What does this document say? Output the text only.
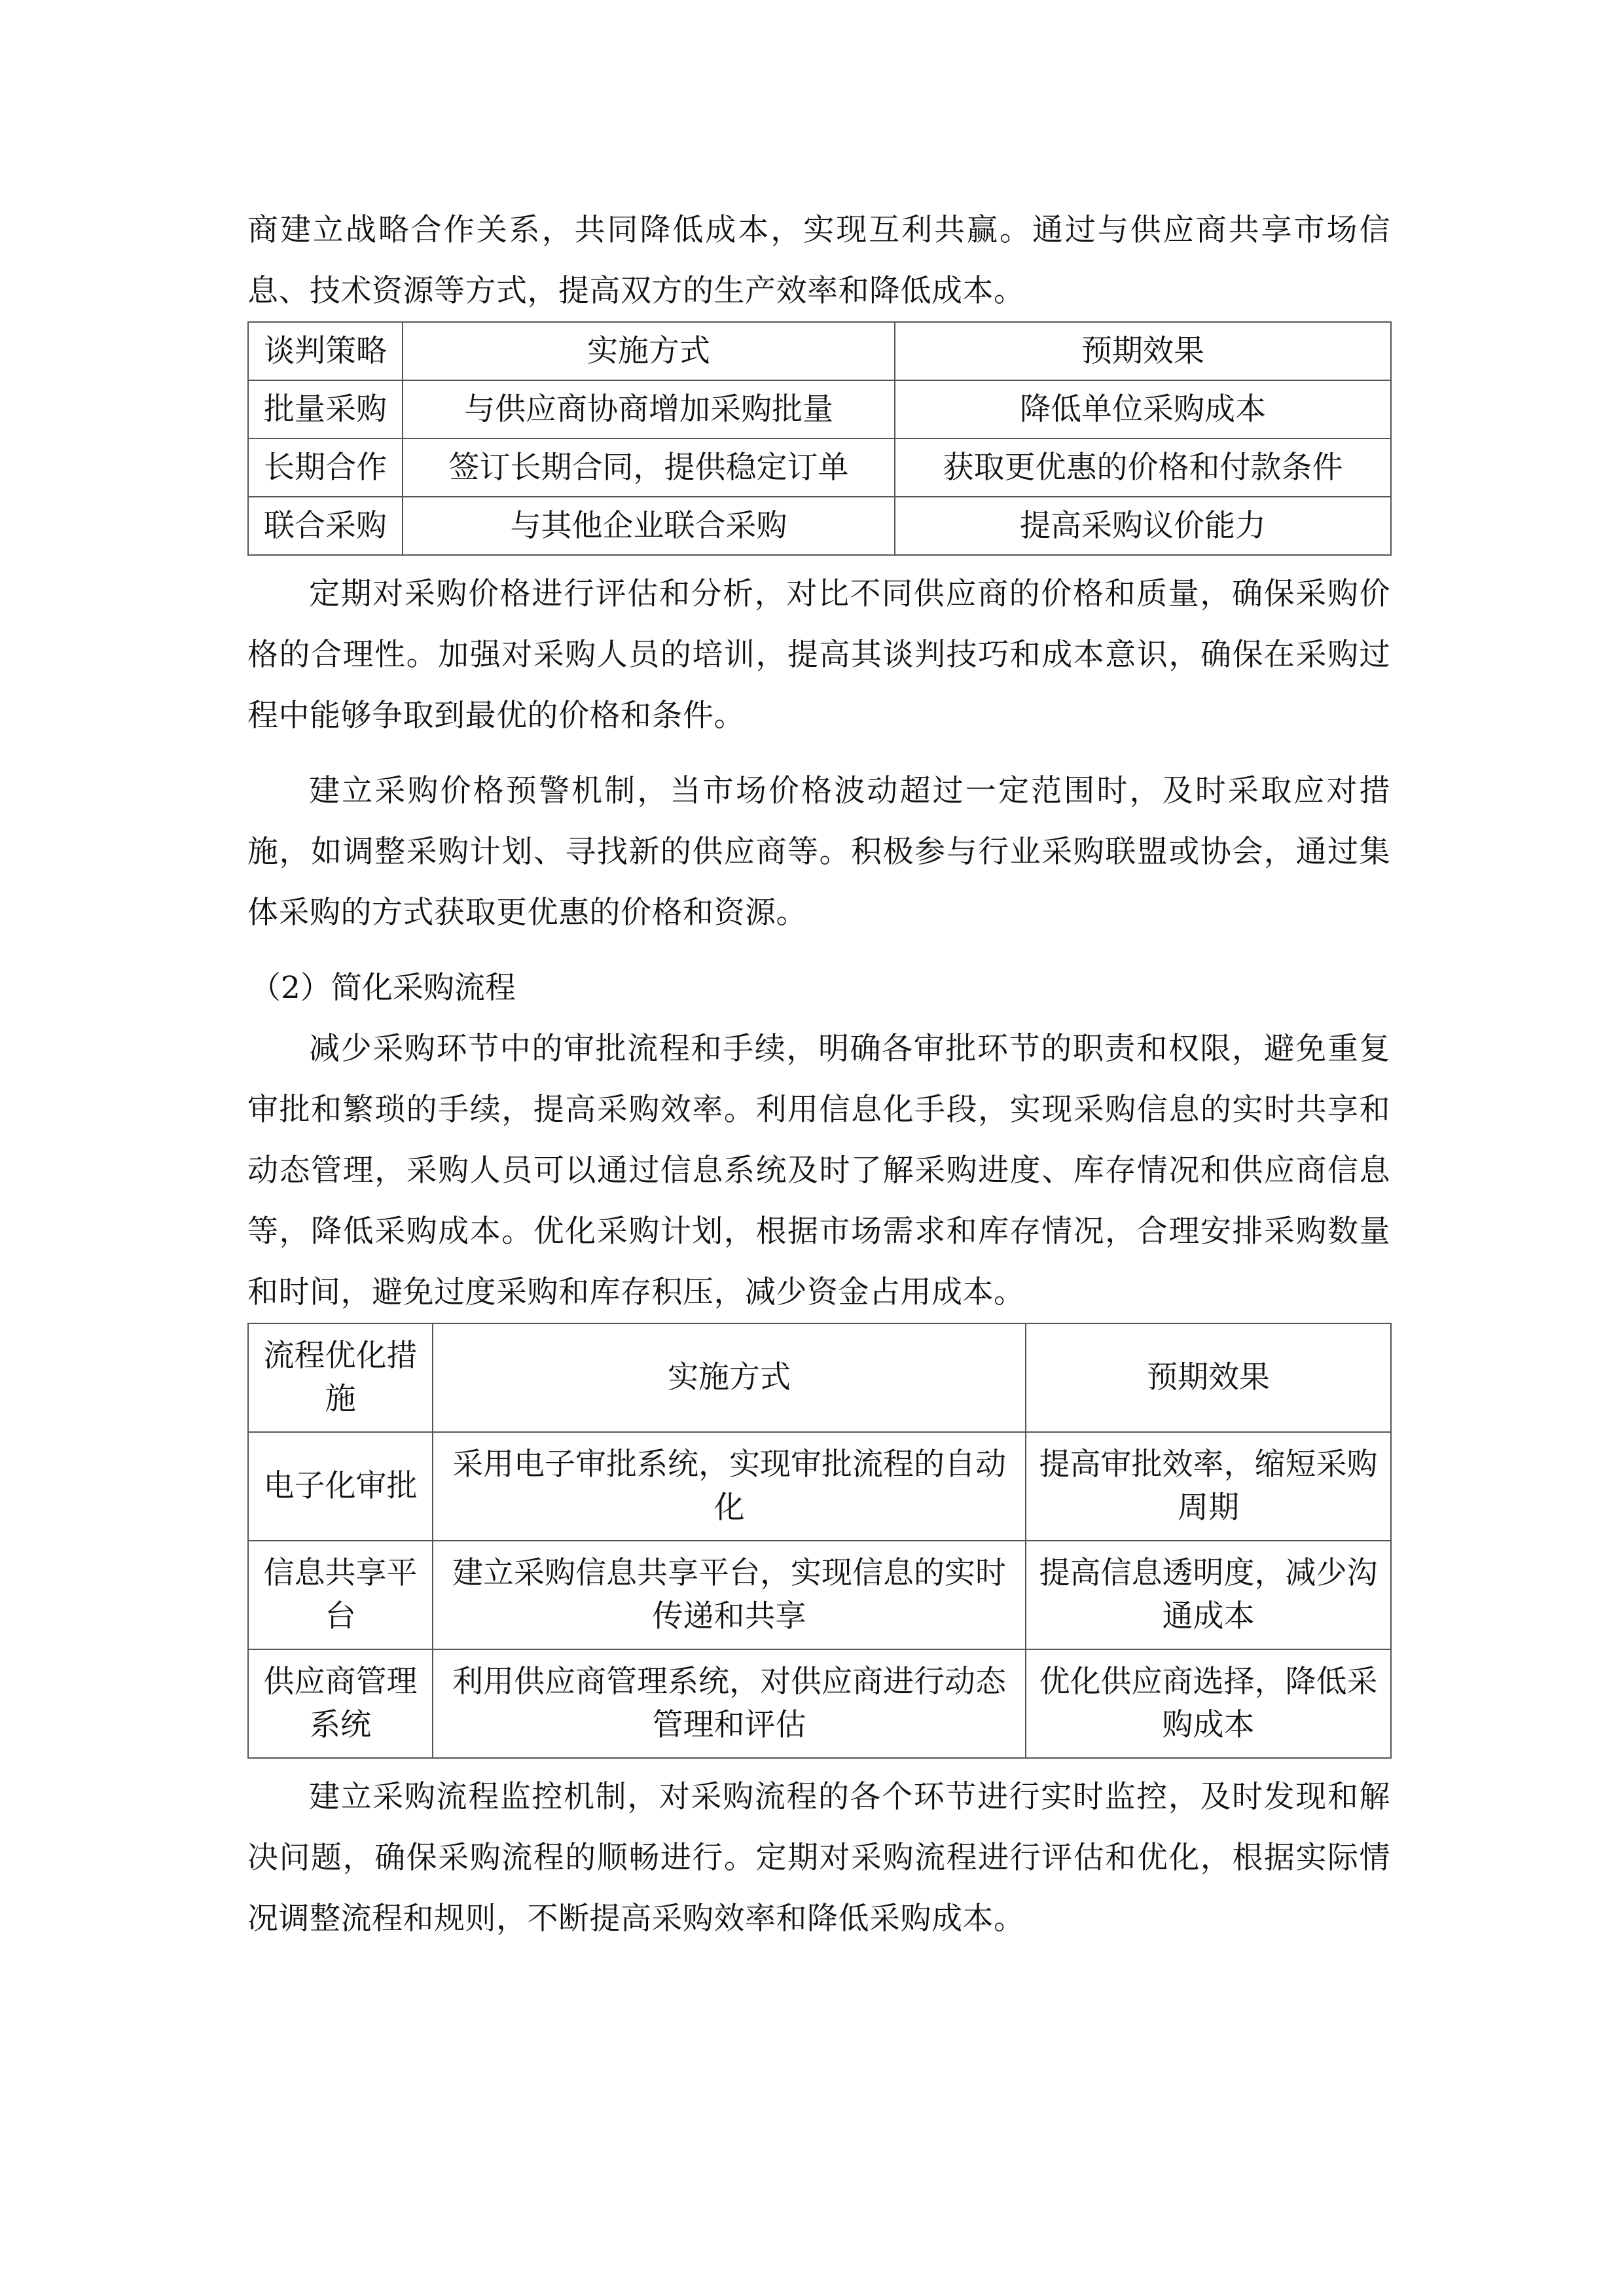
商建立战略合作关系，共同降低成本，实现互利共赢。通过与供应商共享市场信息、技术资源等方式，提高双方的生产效率和降低成本。

谈判策略	实施方式	预期效果
批量采购	与供应商协商增加采购批量	降低单位采购成本
长期合作	签订长期合同，提供稳定订单	获取更优惠的价格和付款条件
联合采购	与其他企业联合采购	提高采购议价能力

定期对采购价格进行评估和分析，对比不同供应商的价格和质量，确保采购价格的合理性。加强对采购人员的培训，提高其谈判技巧和成本意识，确保在采购过程中能够争取到最优的价格和条件。

建立采购价格预警机制，当市场价格波动超过一定范围时，及时采取应对措施，如调整采购计划、寻找新的供应商等。积极参与行业采购联盟或协会，通过集体采购的方式获取更优惠的价格和资源。

（2）简化采购流程

减少采购环节中的审批流程和手续，明确各审批环节的职责和权限，避免重复审批和繁琐的手续，提高采购效率。利用信息化手段，实现采购信息的实时共享和动态管理，采购人员可以通过信息系统及时了解采购进度、库存情况和供应商信息等，降低采购成本。优化采购计划，根据市场需求和库存情况，合理安排采购数量和时间，避免过度采购和库存积压，减少资金占用成本。

流程优化措施	实施方式	预期效果
电子化审批	采用电子审批系统，实现审批流程的自动化	提高审批效率，缩短采购周期
信息共享平台	建立采购信息共享平台，实现信息的实时传递和共享	提高信息透明度，减少沟通成本
供应商管理系统	利用供应商管理系统，对供应商进行动态管理和评估	优化供应商选择，降低采购成本

建立采购流程监控机制，对采购流程的各个环节进行实时监控，及时发现和解决问题，确保采购流程的顺畅进行。定期对采购流程进行评估和优化，根据实际情况调整流程和规则，不断提高采购效率和降低采购成本。
